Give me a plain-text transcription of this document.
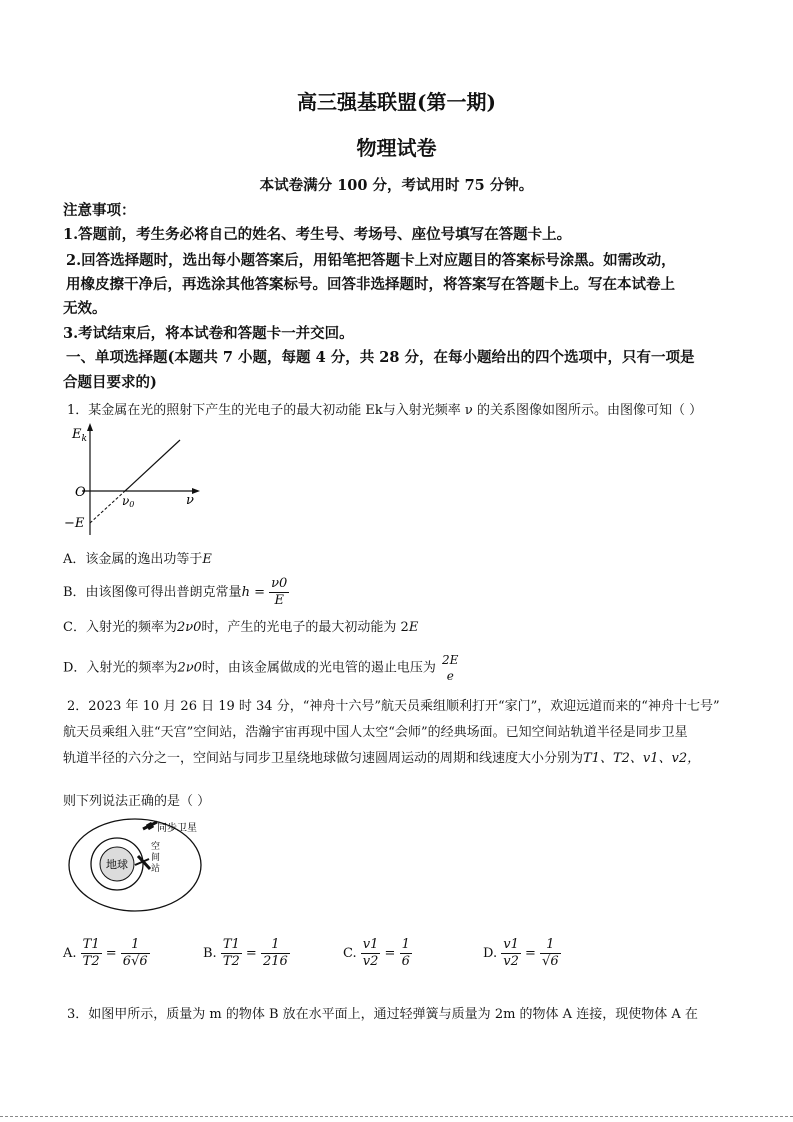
高三强基联盟(第一期)
物理试卷
本试卷满分 100 分，考试用时 75 分钟。
注意事项：
1.答题前，考生务必将自己的姓名、考生号、考场号、座位号填写在答题卡上。
2.回答选择题时，选出每小题答案后，用铅笔把答题卡上对应题目的答案标号涂黑。如需改动，
用橡皮擦干净后，再选涂其他答案标号。回答非选择题时，将答案写在答题卡上。写在本试卷上
无效。
3.考试结束后，将本试卷和答题卡一并交回。
一、单项选择题(本题共 7 小题，每题 4 分，共 28 分，在每小题给出的四个选项中，只有一项是
合题目要求的)
1．某金属在光的照射下产生的光电子的最大初动能 Ek与入射光频率 ν 的关系图像如图所示。由图像可知（ ）
$E_k$
O
ν0	ν
−E
A．该金属的逸出功等于E
B．由该图像可得出普朗克常量$h = \frac{\nu 0}{E}$
C．入射光的频率为2ν0时，产生的光电子的最大初动能为 2E
D．入射光的频率为2ν0时，由该金属做成的光电管的遏止电压为
2E
e
2．2023 年 10 月 26 日 19 时 34 分，“神舟十六号”航天员乘组顺利打开“家门”，欢迎远道而来的“神舟十七号”
航天员乘组入驻“天宫”空间站，浩瀚宇宙再现中国人太空“会师”的经典场面。已知空间站轨道半径是同步卫星
轨道半径的六分之一，空间站与同步卫星绕地球做匀速圆周运动的周期和线速度大小分别为T1、T2、v1、v2，
则下列说法正确的是（ ）
地球
同步卫星
空
间
站
A. $\frac{T1}{T2} = \frac{1}{6√6}$	B. $\frac{T1}{T2} = \frac{1}{216}$	C. $\frac{v1}{v2} = \frac{1}{6}$	D. $\frac{v1}{v2} = \frac{1}{√6}$
3．如图甲所示，质量为 m 的物体 B 放在水平面上，通过轻弹簧与质量为 2m 的物体 A 连接，现使物体 A 在
